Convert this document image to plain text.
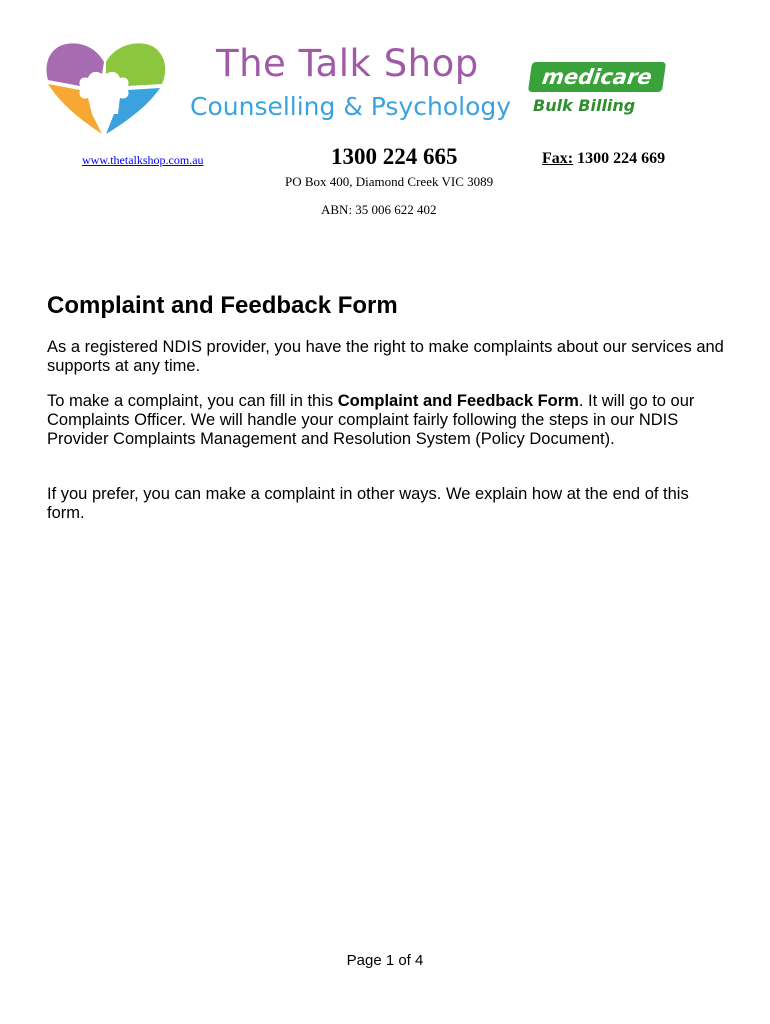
The Talk Shop
Counselling & Psychology
medicare
Bulk Billing
www.thetalkshop.com.au	1300 224 665	Fax: 1300 224 669
PO Box 400, Diamond Creek VIC 3089
ABN: 35 006 622 402
Complaint and Feedback Form

As a registered NDIS provider, you have the right to make complaints about our services and supports at any time.

To make a complaint, you can fill in this Complaint and Feedback Form. It will go to our Complaints Officer. We will handle your complaint fairly following the steps in our NDIS Provider Complaints Management and Resolution System (Policy Document).

If you prefer, you can make a complaint in other ways. We explain how at the end of this form.

Page 1 of 4
